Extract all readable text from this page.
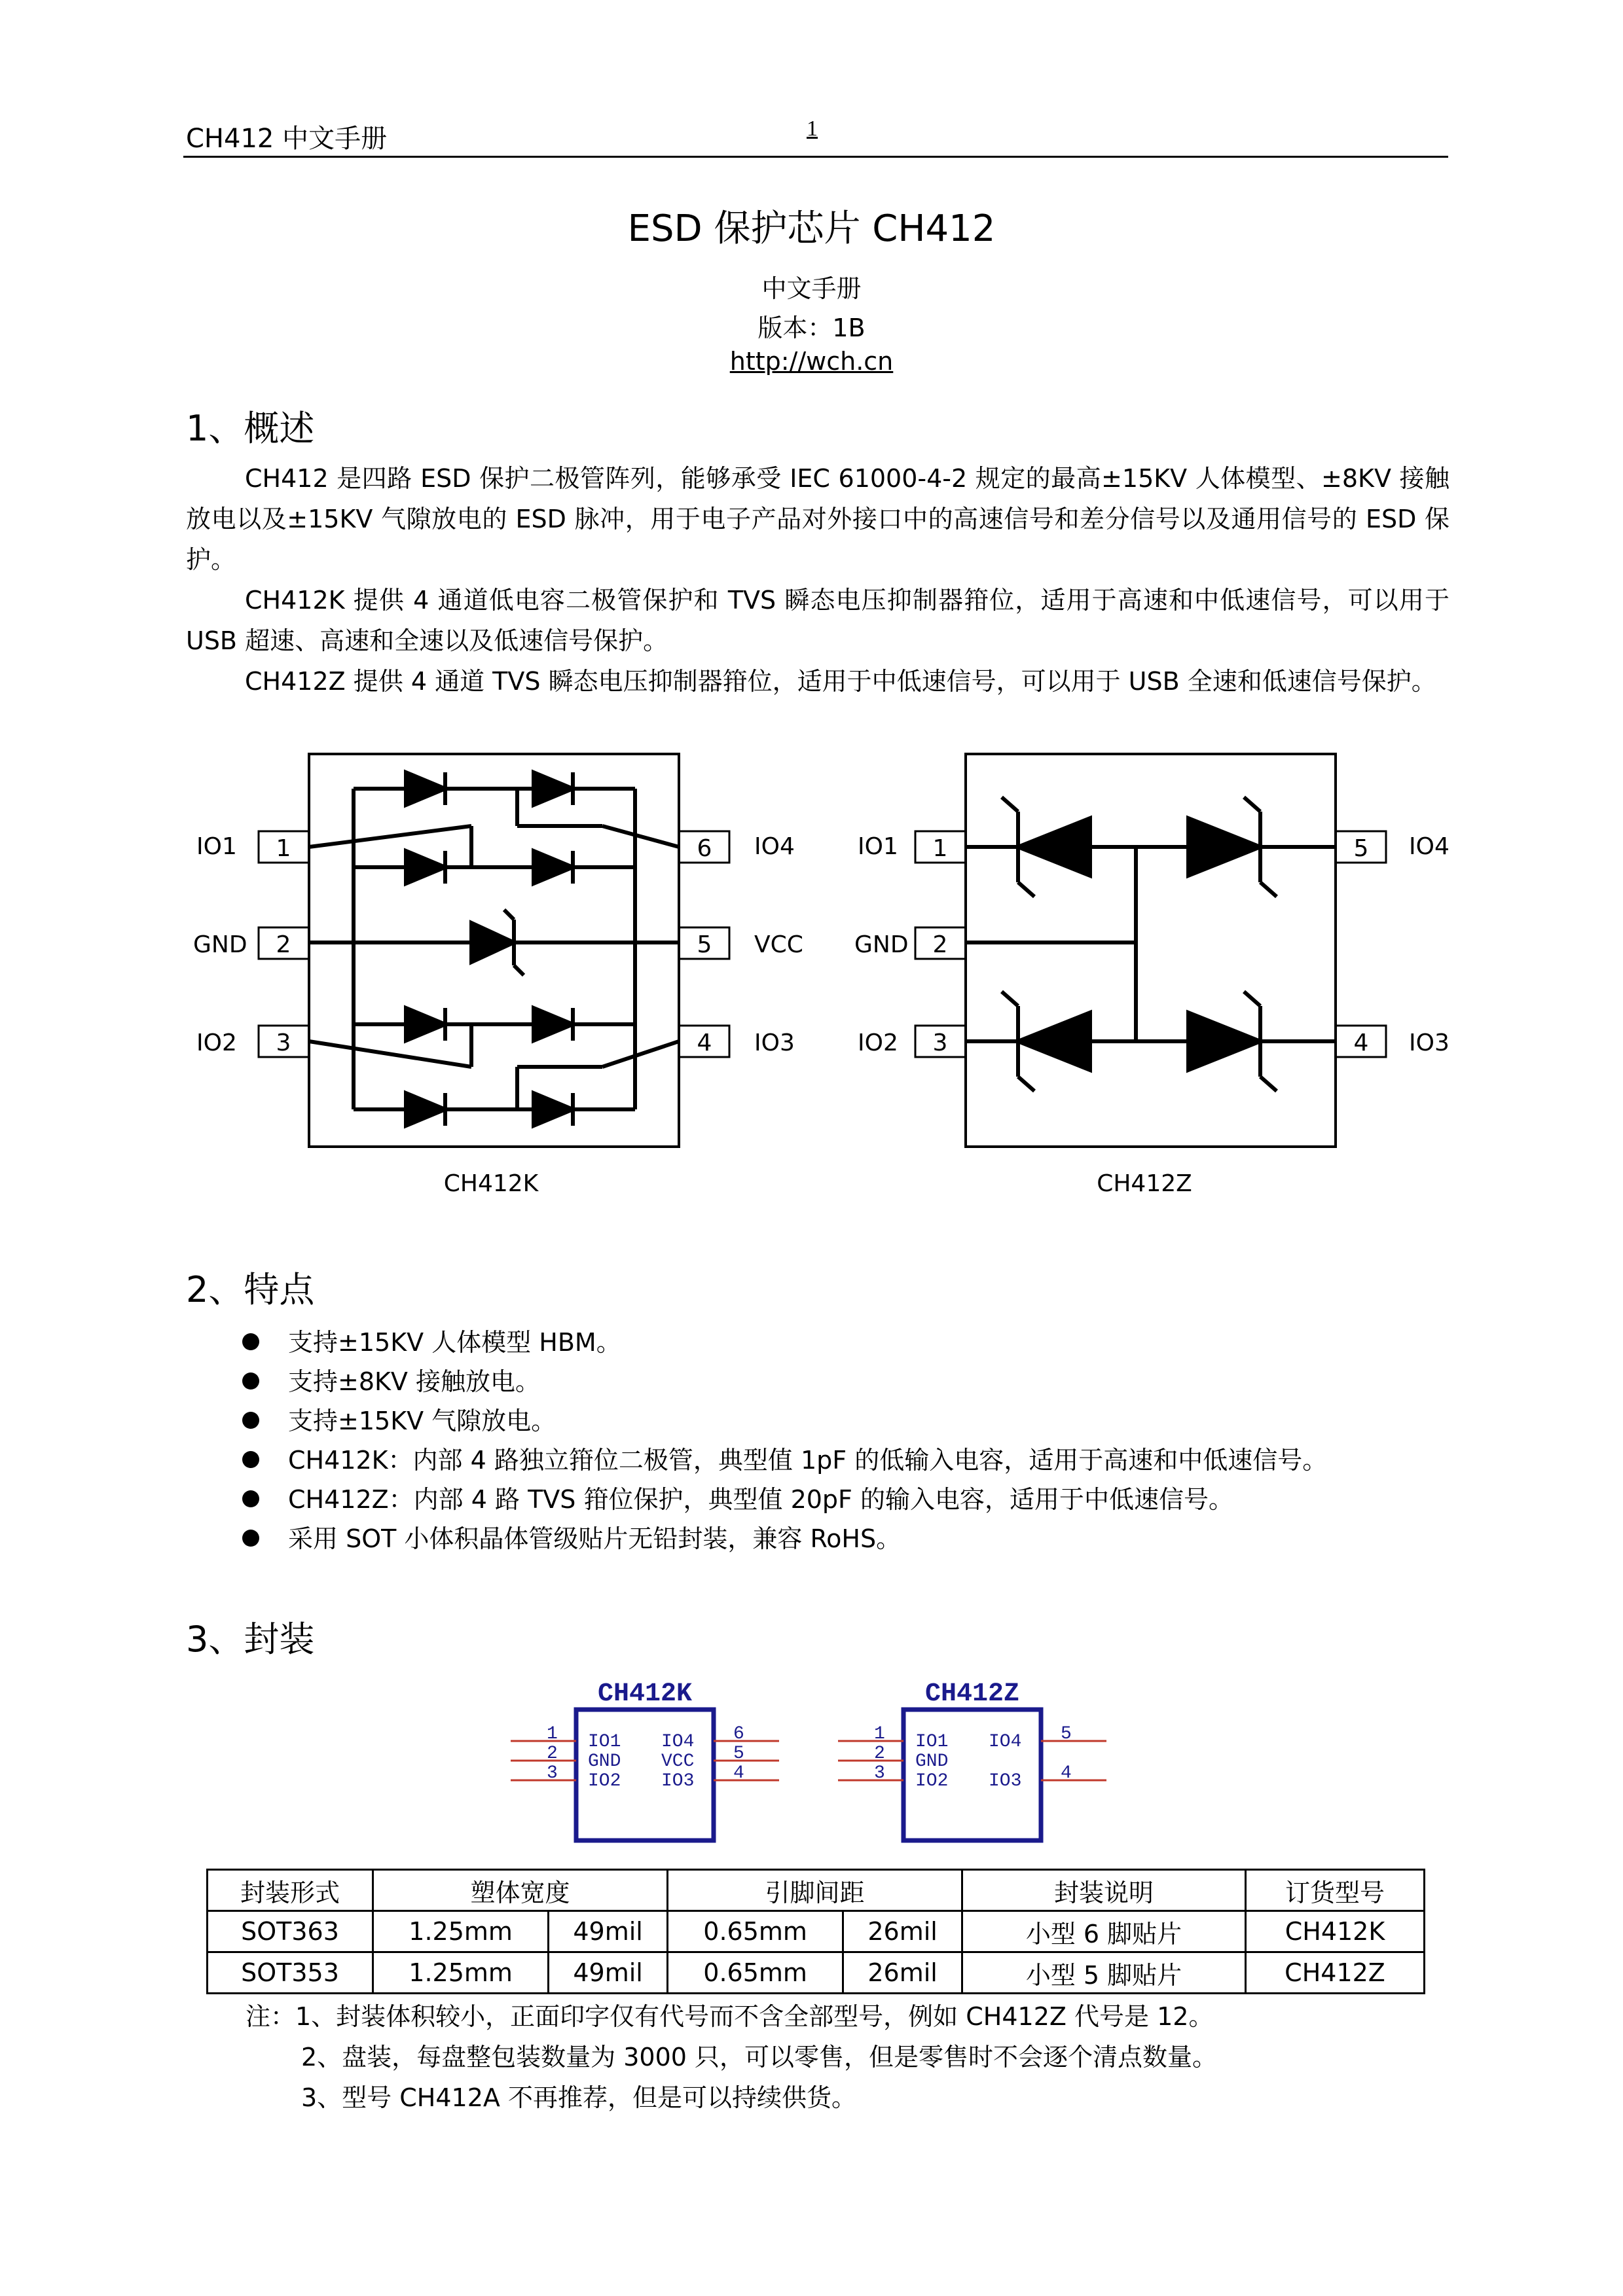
CH412 中文手册	1
ESD 保护芯片 CH412
中文手册
版本：1B
http://wch.cn
1、概述
CH412 是四路 ESD 保护二极管阵列，能够承受 IEC 61000-4-2 规定的最高±15KV 人体模型、±8KV 接触放电以及±15KV 气隙放电的 ESD 脉冲，用于电子产品对外接口中的高速信号和差分信号以及通用信号的 ESD 保护。
CH412K 提供 4 通道低电容二极管保护和 TVS 瞬态电压抑制器箝位，适用于高速和中低速信号，可以用于 USB 超速、高速和全速以及低速信号保护。
CH412Z 提供 4 通道 TVS 瞬态电压抑制器箝位，适用于中低速信号，可以用于 USB 全速和低速信号保护。
1
2
3
6
5
4
IO1
GND
IO2
IO4
VCC
IO3
CH412K
1
2
3
5
4
IO1
GND
IO2
IO4
IO3
CH412Z
2、特点
支持±15KV 人体模型 HBM。
支持±8KV 接触放电。
支持±15KV 气隙放电。
CH412K：内部 4 路独立箝位二极管，典型值 1pF 的低输入电容，适用于高速和中低速信号。
CH412Z：内部 4 路 TVS 箝位保护，典型值 20pF 的输入电容，适用于中低速信号。
采用 SOT 小体积晶体管级贴片无铅封装，兼容 RoHS。
3、封装
CH412K
1
2
3
6
5
4
IO1
GND
IO2
IO4
VCC
IO3
CH412Z
1
2
3
5
4
IO1
GND
IO2
IO4
IO3
封装形式	塑体宽度		引脚间距		封装说明	订货型号
SOT363	1.25mm	49mil	0.65mm	26mil	小型 6 脚贴片	CH412K
SOT353	1.25mm	49mil	0.65mm	26mil	小型 5 脚贴片	CH412Z
注：1、封装体积较小，正面印字仅有代号而不含全部型号，例如 CH412Z 代号是 12。
2、盘装，每盘整包装数量为 3000 只，可以零售，但是零售时不会逐个清点数量。
3、型号 CH412A 不再推荐，但是可以持续供货。
